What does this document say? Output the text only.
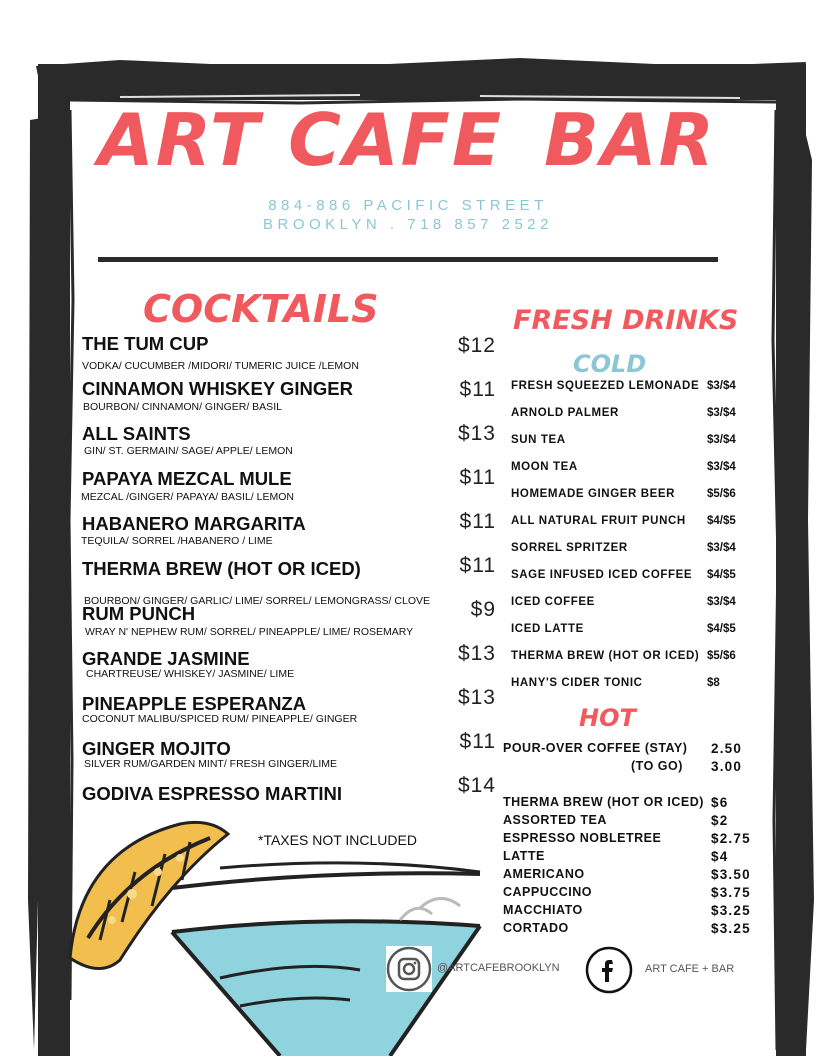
ART CAFE BAR
884-886 PACIFIC STREET
BROOKLYN . 718 857 2522
COCKTAILS
THE TUM CUP
VODKA/ CUCUMBER /MIDORI/ TUMERIC JUICE /LEMON
$12
CINNAMON WHISKEY GINGER
BOURBON/ CINNAMON/ GINGER/ BASIL
$11
ALL SAINTS
GIN/ ST. GERMAIN/ SAGE/ APPLE/ LEMON
$13
PAPAYA MEZCAL MULE
MEZCAL /GINGER/ PAPAYA/ BASIL/ LEMON
$11
HABANERO MARGARITA
TEQUILA/ SORREL /HABANERO / LIME
$11
THERMA BREW (HOT OR ICED)
BOURBON/ GINGER/ GARLIC/ LIME/ SORREL/ LEMONGRASS/ CLOVE
$11
RUM PUNCH
WRAY N' NEPHEW RUM/ SORREL/ PINEAPPLE/ LIME/ ROSEMARY
$9
GRANDE JASMINE
CHARTREUSE/ WHISKEY/ JASMINE/ LIME
$13
PINEAPPLE ESPERANZA
COCONUT MALIBU/SPICED RUM/ PINEAPPLE/ GINGER
$13
GINGER MOJITO
SILVER RUM/GARDEN MINT/ FRESH GINGER/LIME
$11
GODIVA ESPRESSO MARTINI	$14
*TAXES NOT INCLUDED
FRESH DRINKS
COLD
FRESH SQUEEZED LEMONADE $3/$4
ARNOLD PALMER	$3/$4
SUN TEA	$3/$4
MOON TEA	$3/$4
HOMEMADE GINGER BEER	$5/$6
ALL NATURAL FRUIT PUNCH $4/$5
SORREL SPRITZER	$3/$4
SAGE INFUSED ICED COFFEE $4/$5
ICED COFFEE	$3/$4
ICED LATTE	$4/$5
THERMA BREW (HOT OR ICED) $5/$6
HANY'S CIDER TONIC	$8
HOT
POUR-OVER COFFEE (STAY) 2.50
(TO GO) 3.00
THERMA BREW (HOT OR ICED) $6
ASSORTED TEA	$2
ESPRESSO NOBLETREE	$2.75
LATTE	$4
AMERICANO	$3.50
CAPPUCCINO	$3.75
MACCHIATO	$3.25
CORTADO	$3.25
@ARTCAFEBROOKLYN	ART CAFE + BAR
